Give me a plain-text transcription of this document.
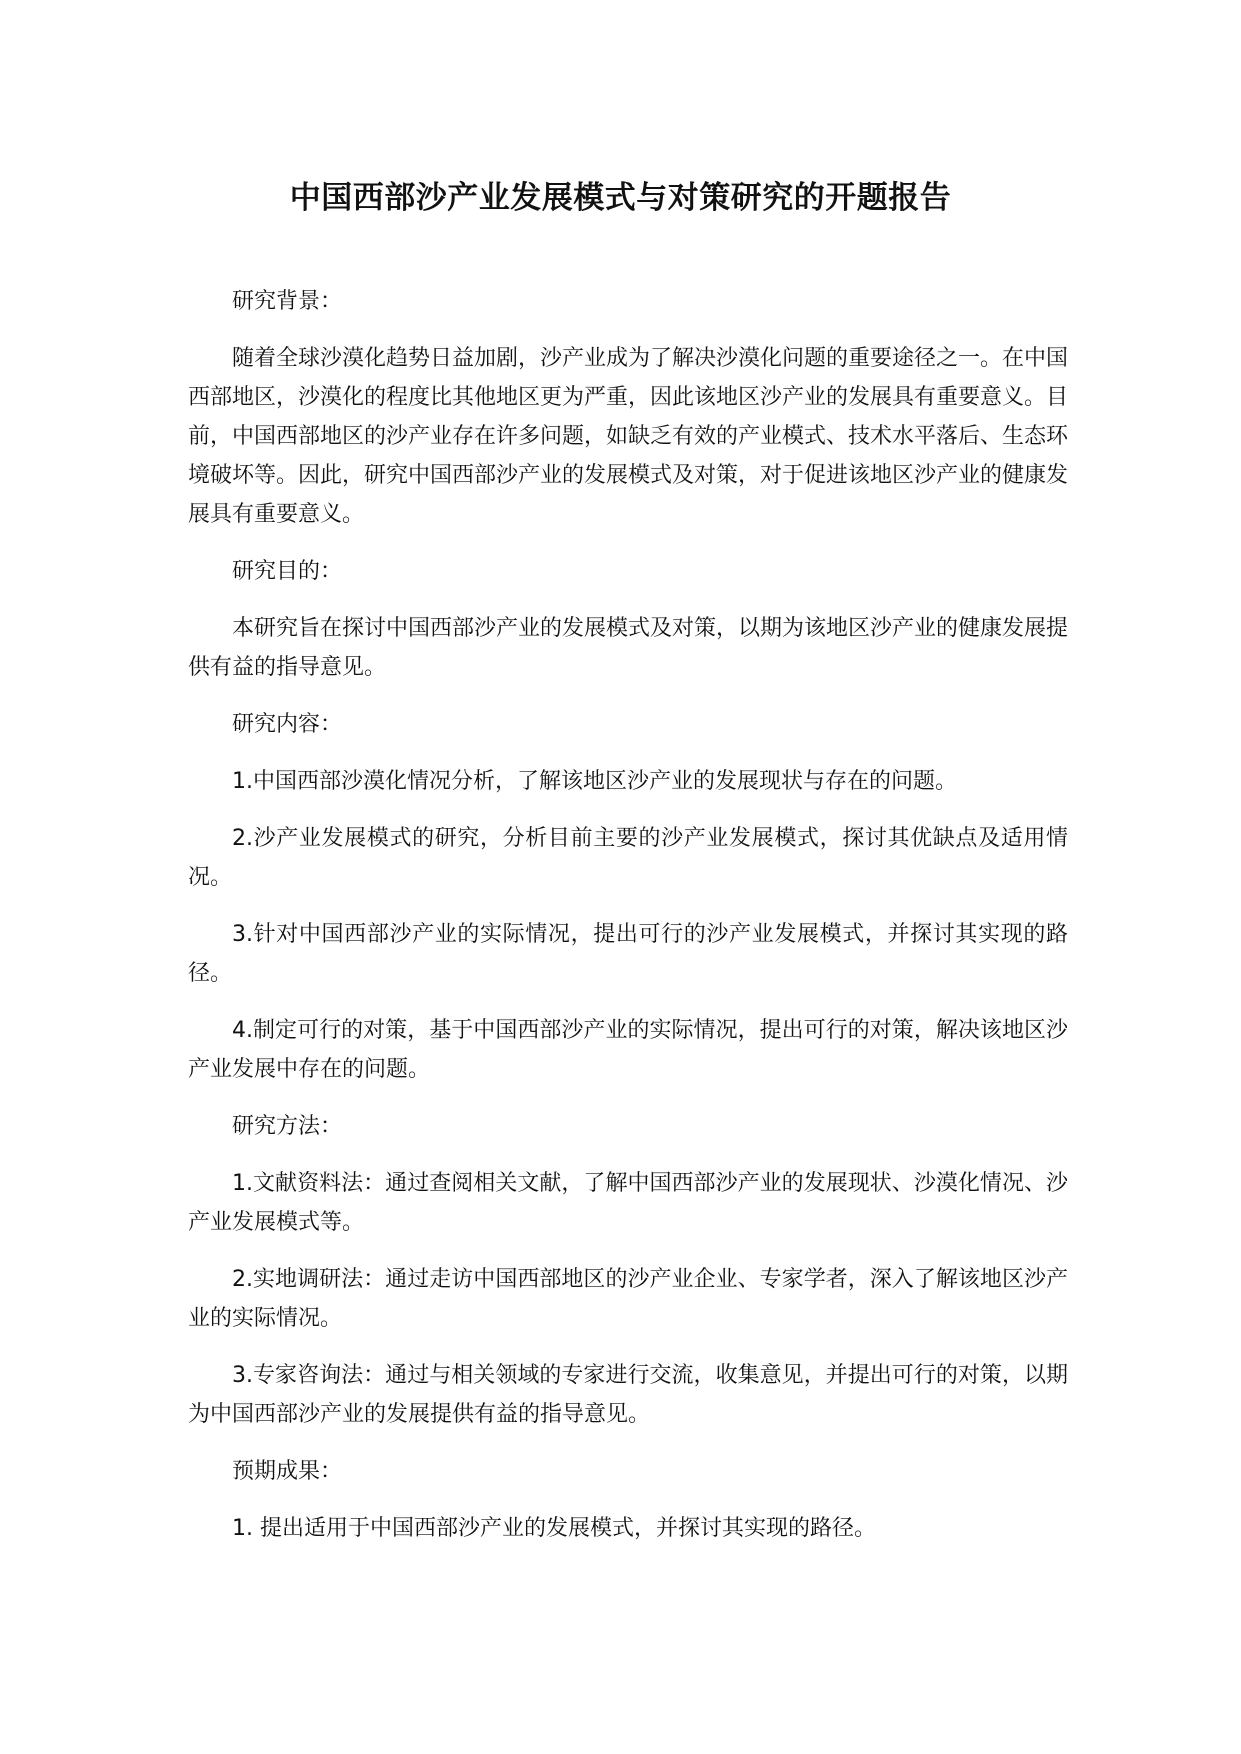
中国西部沙产业发展模式与对策研究的开题报告

研究背景：

随着全球沙漠化趋势日益加剧，沙产业成为了解决沙漠化问题的重要途径之一。在中国西部地区，沙漠化的程度比其他地区更为严重，因此该地区沙产业的发展具有重要意义。目前，中国西部地区的沙产业存在许多问题，如缺乏有效的产业模式、技术水平落后、生态环境破坏等。因此，研究中国西部沙产业的发展模式及对策，对于促进该地区沙产业的健康发展具有重要意义。

研究目的：

本研究旨在探讨中国西部沙产业的发展模式及对策，以期为该地区沙产业的健康发展提供有益的指导意见。

研究内容：

1.中国西部沙漠化情况分析，了解该地区沙产业的发展现状与存在的问题。

2.沙产业发展模式的研究，分析目前主要的沙产业发展模式，探讨其优缺点及适用情况。

3.针对中国西部沙产业的实际情况，提出可行的沙产业发展模式，并探讨其实现的路径。

4.制定可行的对策，基于中国西部沙产业的实际情况，提出可行的对策，解决该地区沙产业发展中存在的问题。

研究方法：

1.文献资料法：通过查阅相关文献，了解中国西部沙产业的发展现状、沙漠化情况、沙产业发展模式等。

2.实地调研法：通过走访中国西部地区的沙产业企业、专家学者，深入了解该地区沙产业的实际情况。

3.专家咨询法：通过与相关领域的专家进行交流，收集意见，并提出可行的对策，以期为中国西部沙产业的发展提供有益的指导意见。

预期成果：

1. 提出适用于中国西部沙产业的发展模式，并探讨其实现的路径。
